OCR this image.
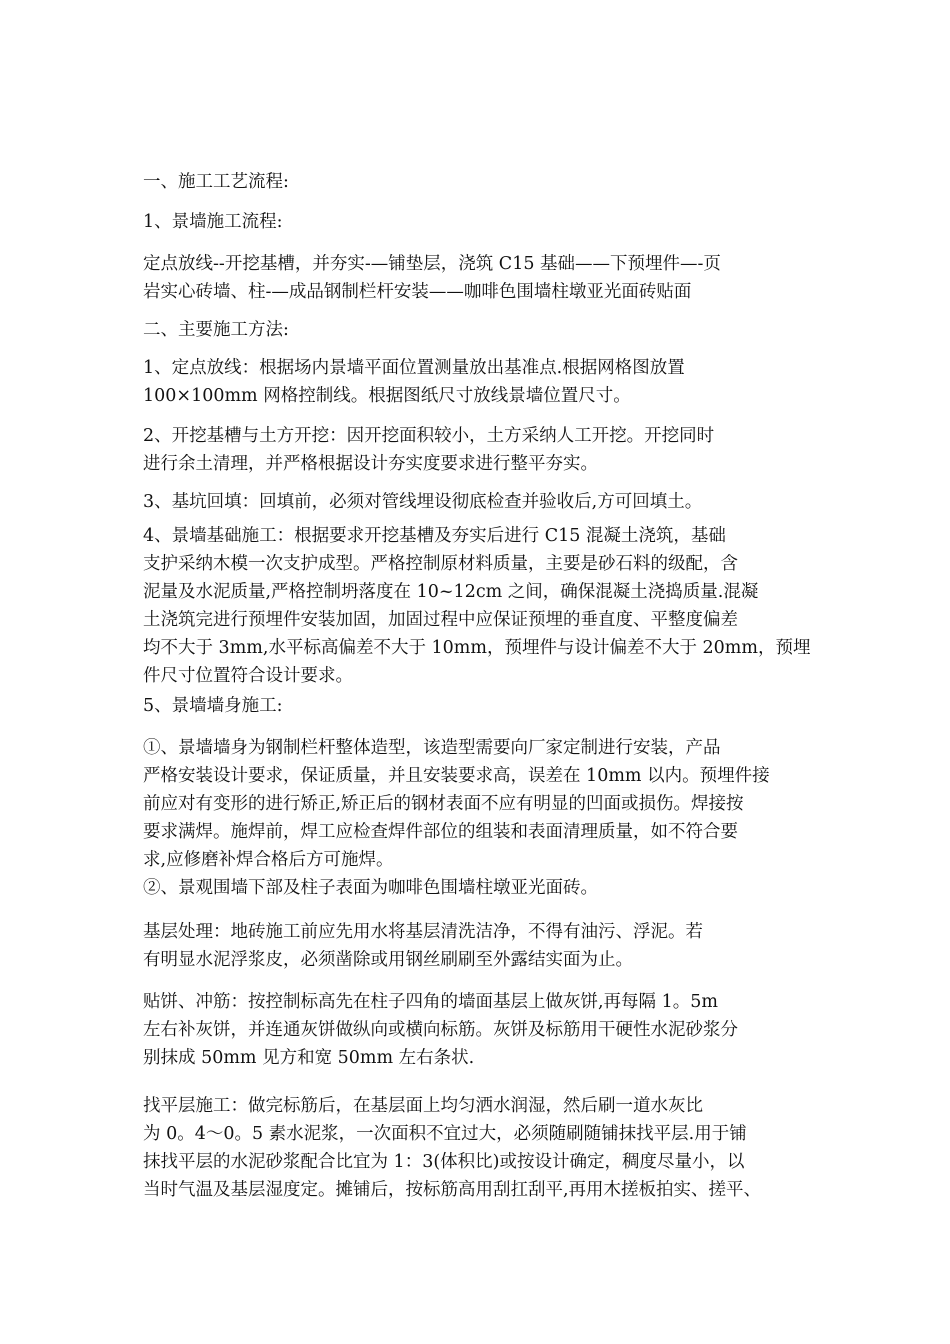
一、施工工艺流程:

1、景墙施工流程:

定点放线--开挖基槽，并夯实-—铺垫层，浇筑 C15 基础——下预埋件—-页
岩实心砖墙、柱-—成品钢制栏杆安装——咖啡色围墙柱墩亚光面砖贴面

二、主要施工方法:

1、定点放线：根据场内景墙平面位置测量放出基准点.根据网格图放置
100×100mm 网格控制线。根据图纸尺寸放线景墙位置尺寸。

2、开挖基槽与土方开挖：因开挖面积较小，土方采纳人工开挖。开挖同时
进行余土清理，并严格根据设计夯实度要求进行整平夯实。

3、基坑回填：回填前，必须对管线埋设彻底检查并验收后,方可回填土。

4、景墙基础施工：根据要求开挖基槽及夯实后进行 C15 混凝土浇筑，基础
支护采纳木模一次支护成型。严格控制原材料质量，主要是砂石料的级配，含
泥量及水泥质量,严格控制坍落度在 10~12cm 之间，确保混凝土浇捣质量.混凝
土浇筑完进行预埋件安装加固，加固过程中应保证预埋的垂直度、平整度偏差
均不大于 3mm,水平标高偏差不大于 10mm，预埋件与设计偏差不大于 20mm，预埋
件尺寸位置符合设计要求。

5、景墙墙身施工:

①、景墙墙身为钢制栏杆整体造型，该造型需要向厂家定制进行安装，产品
严格安装设计要求，保证质量，并且安装要求高，误差在 10mm 以内。预埋件接
前应对有变形的进行矫正,矫正后的钢材表面不应有明显的凹面或损伤。焊接按
要求满焊。施焊前，焊工应检查焊件部位的组装和表面清理质量，如不符合要
求,应修磨补焊合格后方可施焊。

②、景观围墙下部及柱子表面为咖啡色围墙柱墩亚光面砖。

基层处理：地砖施工前应先用水将基层清洗洁净，不得有油污、浮泥。若
有明显水泥浮浆皮，必须凿除或用钢丝刷刷至外露结实面为止。

贴饼、冲筋：按控制标高先在柱子四角的墙面基层上做灰饼,再每隔 1。5m
左右补灰饼，并连通灰饼做纵向或横向标筋。灰饼及标筋用干硬性水泥砂浆分
别抹成 50mm 见方和宽 50mm 左右条状.

找平层施工：做完标筋后，在基层面上均匀洒水润湿，然后刷一道水灰比
为 0。4～0。5 素水泥浆，一次面积不宜过大，必须随刷随铺抹找平层.用于铺
抹找平层的水泥砂浆配合比宜为 1：3(体积比)或按设计确定，稠度尽量小，以
当时气温及基层湿度定。摊铺后，按标筋高用刮扛刮平,再用木搓板拍实、搓平、
